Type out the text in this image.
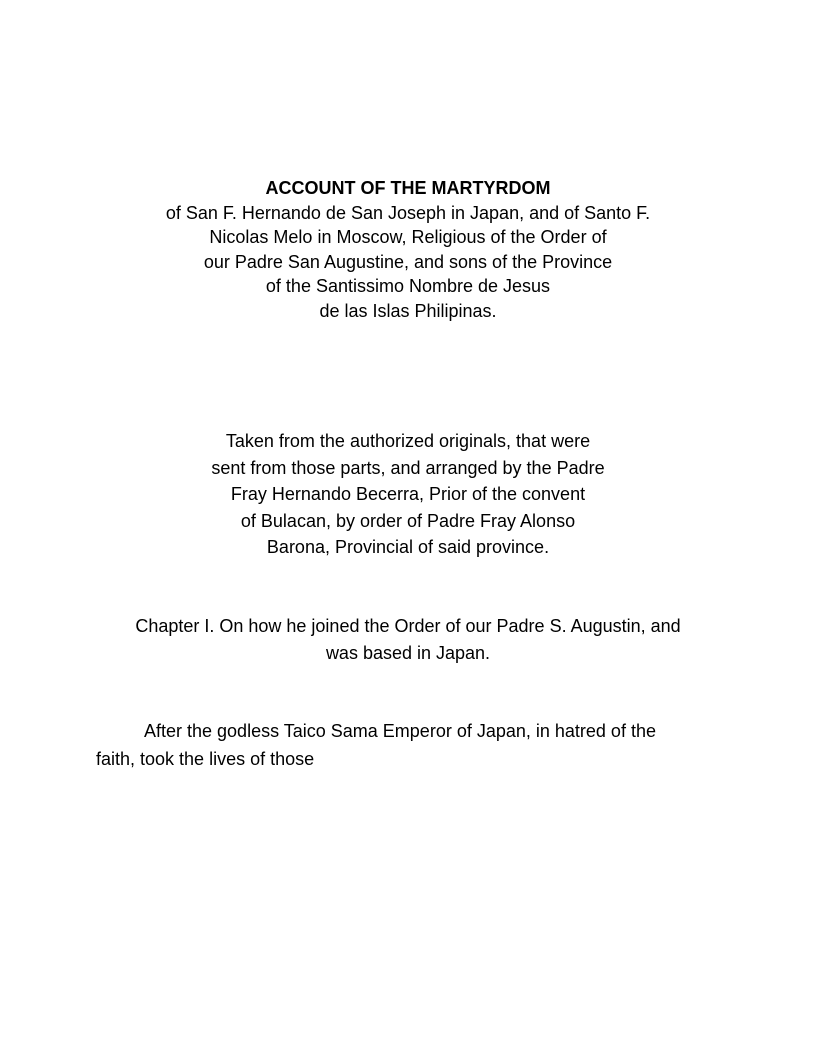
ACCOUNT OF THE MARTYRDOM
of San F. Hernando de San Joseph in Japan, and of Santo F.
Nicolas Melo in Moscow, Religious of the Order of
our Padre San Augustine, and sons of the Province
of the Santissimo Nombre de Jesus
de las Islas Philipinas.
Taken from the authorized originals, that were
sent from those parts, and arranged by the Padre
Fray Hernando Becerra, Prior of the convent
of Bulacan, by order of Padre Fray Alonso
Barona, Provincial of said province.
Chapter I. On how he joined the Order of our Padre S. Augustin, and
was based in Japan.
After the godless Taico Sama Emperor of Japan, in hatred of the
faith, took the lives of those
